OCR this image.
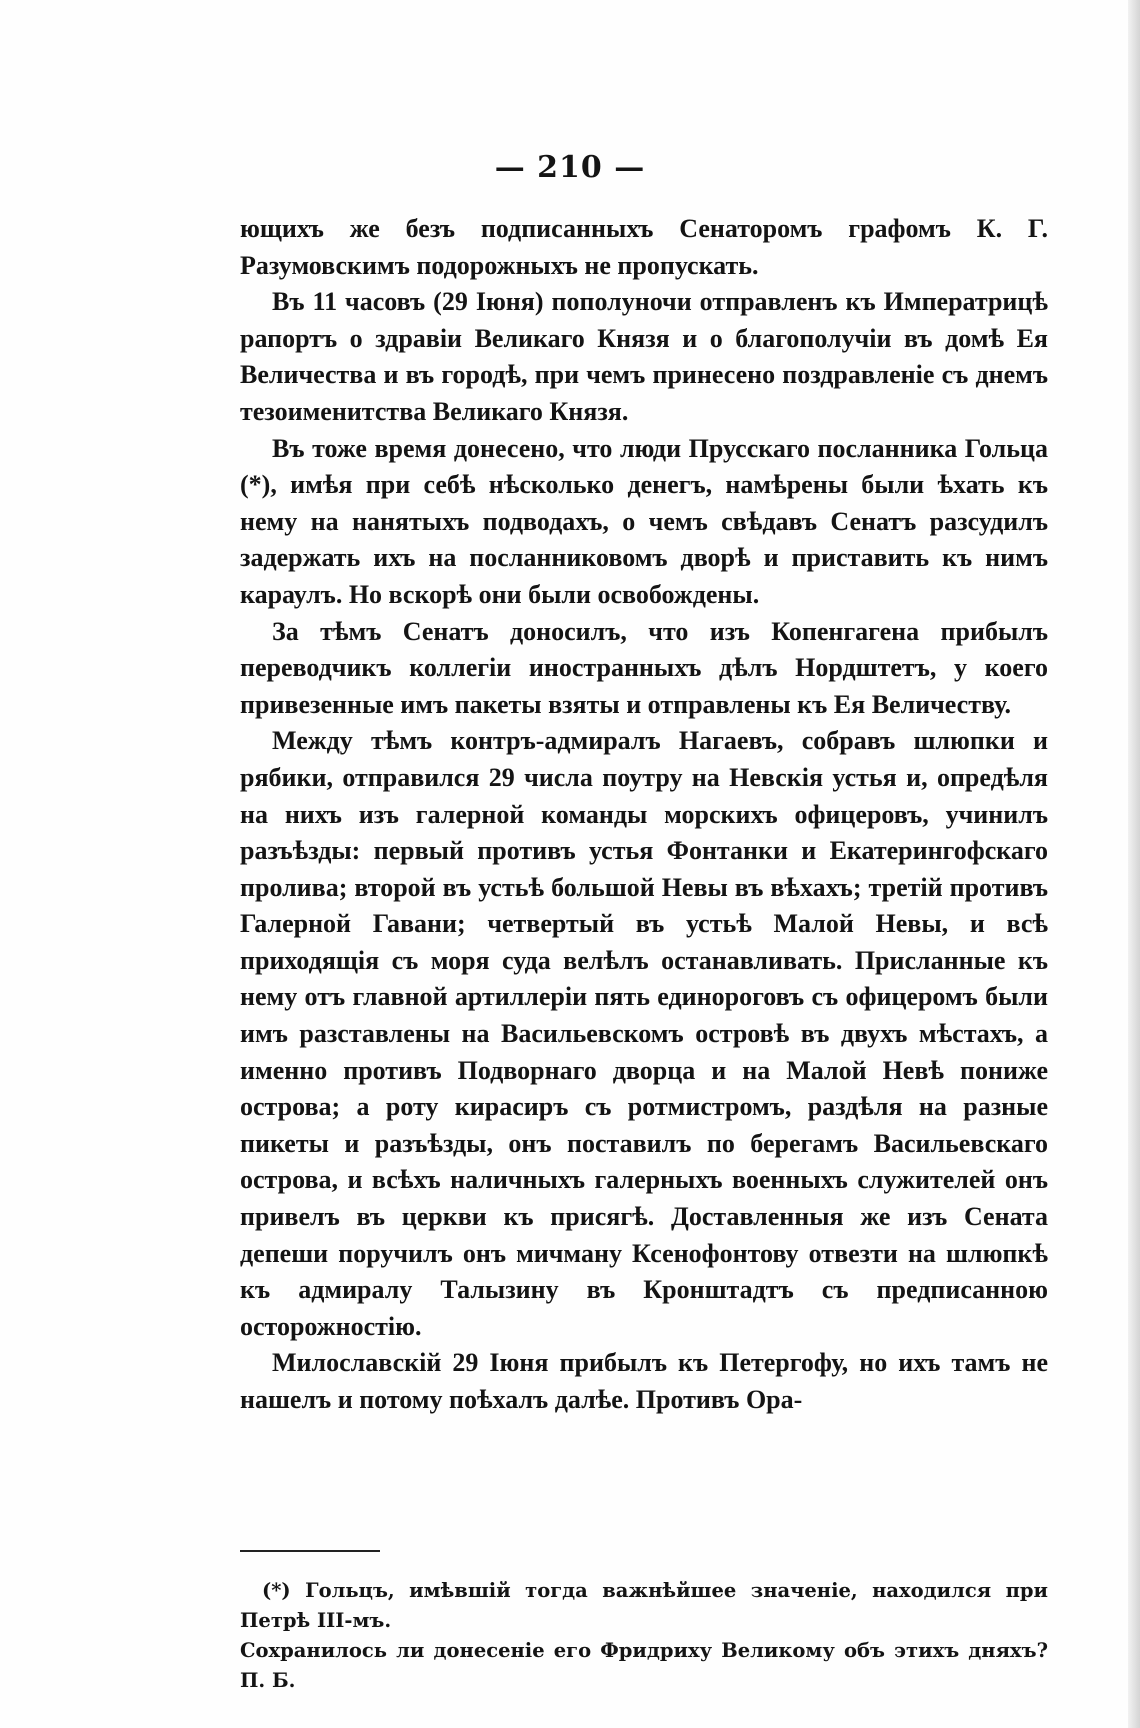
— 210 —

ющихъ же безъ подписанныхъ Сенаторомъ графомъ К. Г. Разумовскимъ подорожныхъ не пропускать.

Въ 11 часовъ (29 Іюня) пополуночи отправленъ къ Императрицѣ рапортъ о здравіи Великаго Князя и о благополучіи въ домѣ Ея Величества и въ городѣ, при чемъ принесено поздравленіе съ днемъ тезоименитства Великаго Князя.

Въ тоже время донесено, что люди Прусскаго посланника Гольца (*), имѣя при себѣ нѣсколько денегъ, намѣрены были ѣхать къ нему на нанятыхъ подводахъ, о чемъ свѣдавъ Сенатъ разсудилъ задержать ихъ на посланниковомъ дворѣ и приставить къ нимъ караулъ. Но вскорѣ они были освобождены.

За тѣмъ Сенатъ доносилъ, что изъ Копенгагена прибылъ переводчикъ коллегіи иностранныхъ дѣлъ Нордштетъ, у коего привезенные имъ пакеты взяты и отправлены къ Ея Величеству.

Между тѣмъ контръ-адмиралъ Нагаевъ, собравъ шлюпки и рябики, отправился 29 числа поутру на Невскія устья и, опредѣля на нихъ изъ галерной команды морскихъ офицеровъ, учинилъ разъѣзды: первый противъ устья Фонтанки и Екатерингофскаго пролива; второй въ устьѣ большой Невы въ вѣхахъ; третій противъ Галерной Гавани; четвертый въ устьѣ Малой Невы, и всѣ приходящія съ моря суда велѣлъ останавливать. Присланные къ нему отъ главной артиллеріи пять единороговъ съ офицеромъ были имъ разставлены на Васильевскомъ островѣ въ двухъ мѣстахъ, а именно противъ Подворнаго дворца и на Малой Невѣ пониже острова; а роту кирасиръ съ ротмистромъ, раздѣля на разные пикеты и разъѣзды, онъ поставилъ по берегамъ Васильевскаго острова, и всѣхъ наличныхъ галерныхъ военныхъ служителей онъ привелъ въ церкви къ присягѣ. Доставленныя же изъ Сената депеши поручилъ онъ мичману Ксенофонтову отвезти на шлюпкѣ къ адмиралу Талызину въ Кронштадтъ съ предписанною осторожностію.

Милославскій 29 Іюня прибылъ къ Петергофу, но ихъ тамъ не нашелъ и потому поѣхалъ далѣе. Противъ Ора-

(*) Гольцъ, имѣвшій тогда важнѣйшее значеніе, находился при Петрѣ III-мъ.

Сохранилось ли донесеніе его Фридриху Великому объ этихъ дняхъ? П. Б.
